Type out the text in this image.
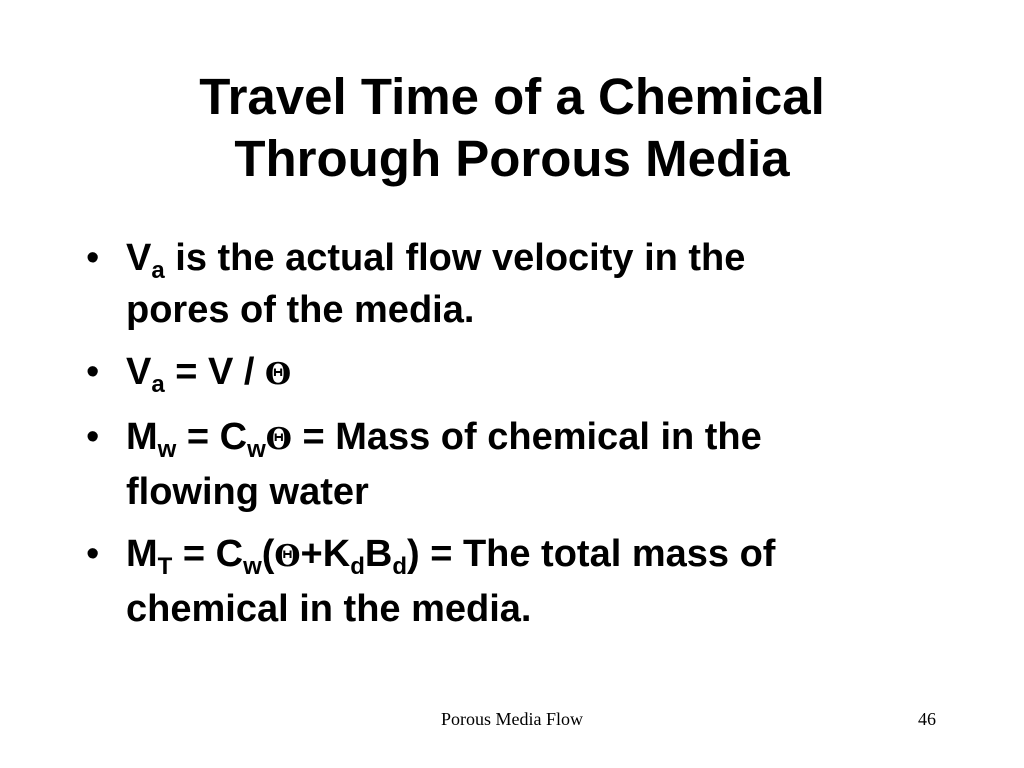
Travel Time of a Chemical
Through Porous Media
• $V_a$ is the actual flow velocity in the
pores of the media.
• $V_a = V / \Theta$
• $M_w = C_w\Theta$ = Mass of chemical in the
flowing water
• $M_T = C_w(\Theta+K_dB_d)$ = The total mass of
chemical in the media.
Porous Media Flow	46
